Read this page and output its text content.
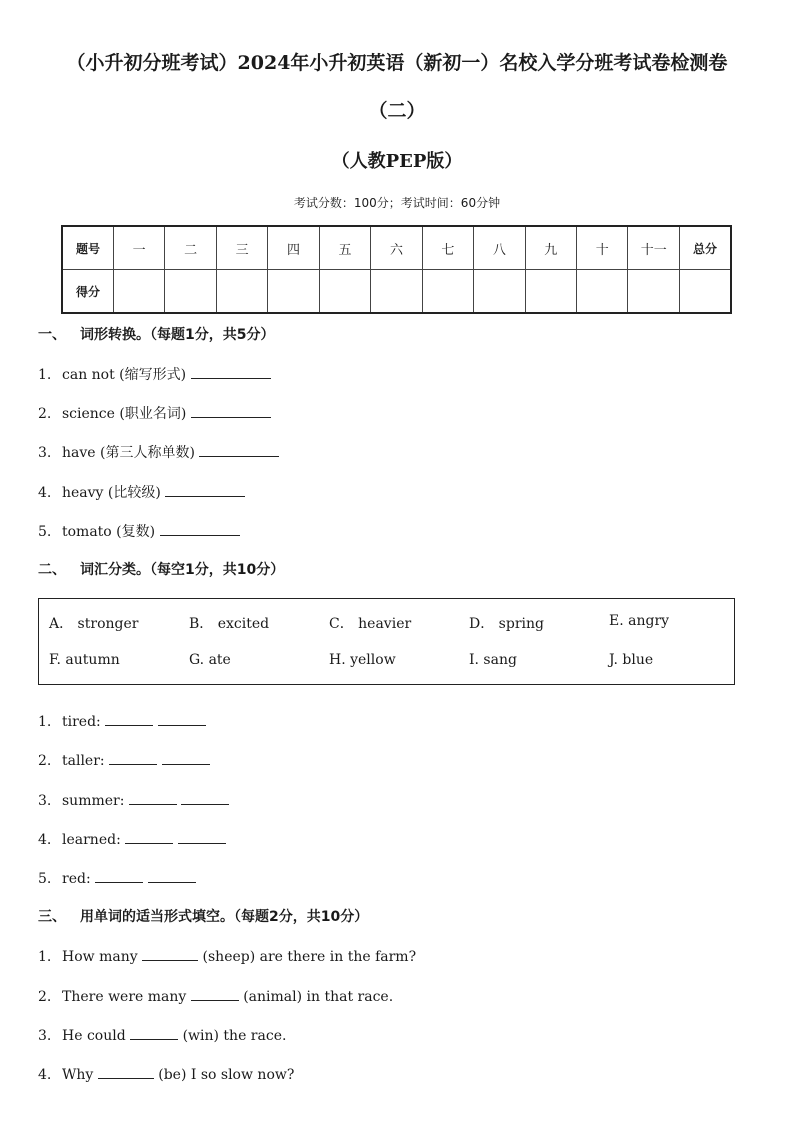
（小升初分班考试）2024年小升初英语（新初一）名校入学分班考试卷检测卷
（二）
（人教PEP版）
考试分数：100分；考试时间：60分钟
题号	一	二	三	四	五	六	七	八	九	十	十一	总分
得分												
一、 词形转换。（每题1分，共5分）
1. can not (缩写形式)
2. science (职业名词)
3. have (第三人称单数)
4. heavy (比较级)
5. tomato (复数)
二、 词汇分类。（每空1分，共10分）
A． stronger	B． excited	C． heavier	D． spring	E. angry
F. autumn	G. ate	H. yellow	I. sang	J. blue
1. tired:
2. taller:
3. summer:
4. learned:
5. red:
三、 用单词的适当形式填空。（每题2分，共10分）
1. How many	(sheep) are there in the farm?
2. There were many	(animal) in that race.
3. He could	(win) the race.
4. Why	(be) I so slow now?
